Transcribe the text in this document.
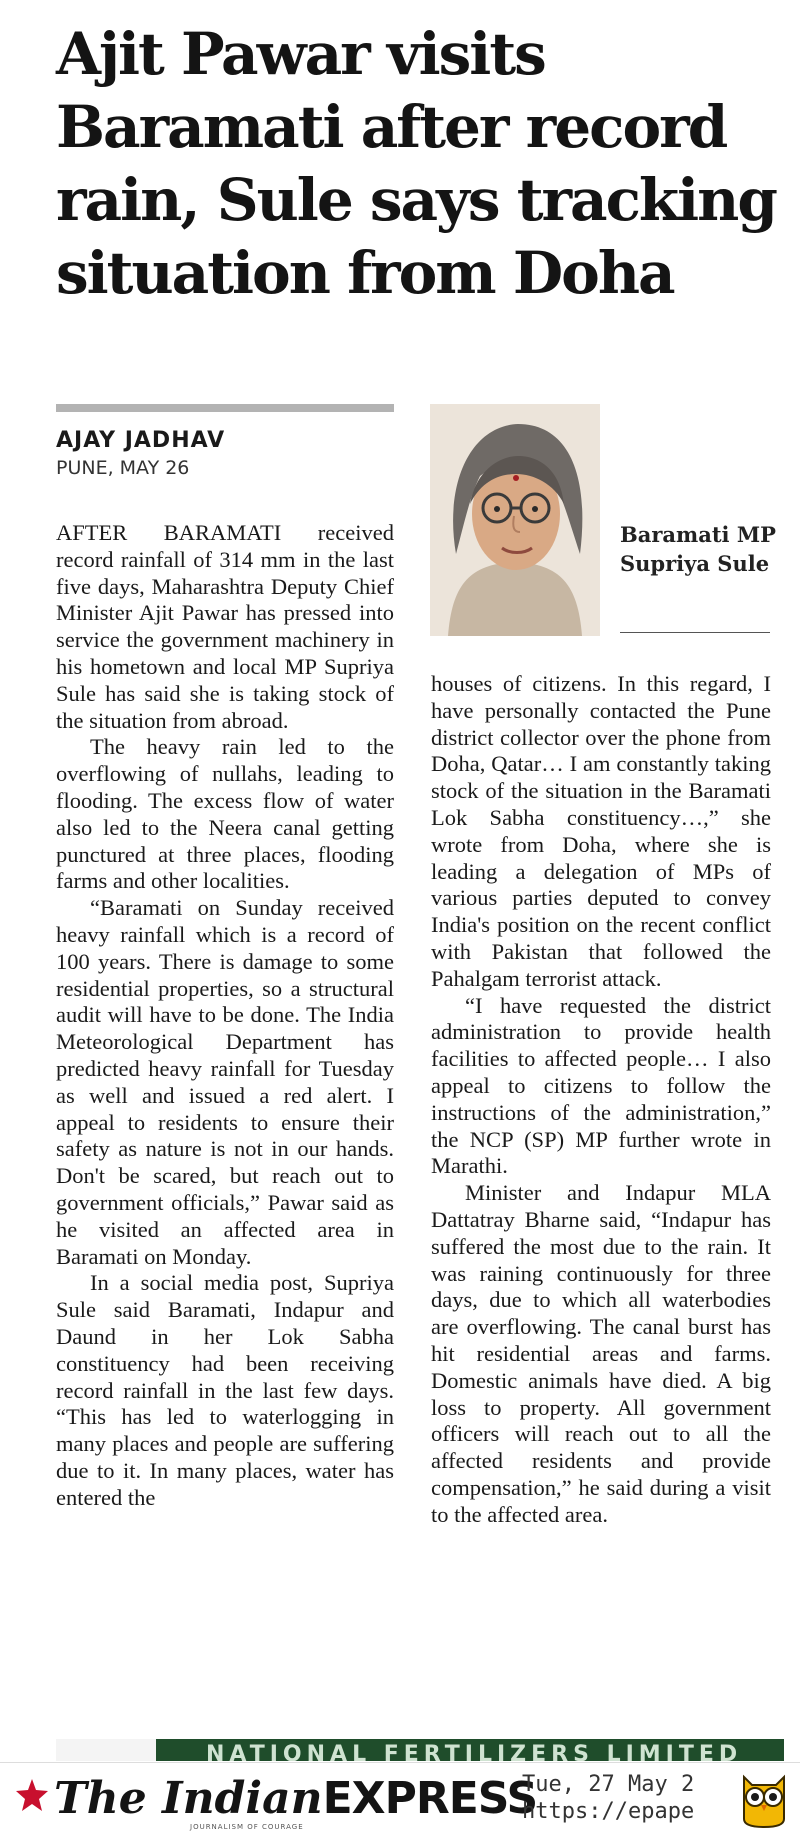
Ajit Pawar visits Baramati after record rain, Sule says tracking situation from Doha
AJAY JADHAV
PUNE, MAY 26
Baramati MP Supriya Sule

AFTER BARAMATI received record rainfall of 314 mm in the last five days, Maharashtra Deputy Chief Minister Ajit Pawar has pressed into service the government machinery in his hometown and local MP Supriya Sule has said she is taking stock of the situation from abroad.

The heavy rain led to the overflowing of nullahs, leading to flooding. The excess flow of water also led to the Neera canal getting punctured at three places, flooding farms and other localities.

“Baramati on Sunday received heavy rainfall which is a record of 100 years. There is damage to some residential properties, so a structural audit will have to be done. The India Meteorological Department has predicted heavy rainfall for Tuesday as well and issued a red alert. I appeal to residents to ensure their safety as nature is not in our hands. Don't be scared, but reach out to government officials,” Pawar said as he visited an affected area in Baramati on Monday.

In a social media post, Supriya Sule said Baramati, Indapur and Daund in her Lok Sabha constituency had been receiving record rainfall in the last few days. “This has led to waterlogging in many places and people are suffering due to it. In many places, water has entered the

houses of citizens. In this regard, I have personally contacted the Pune district collector over the phone from Doha, Qatar… I am constantly taking stock of the situation in the Baramati Lok Sabha constituency…,” she wrote from Doha, where she is leading a delegation of MPs of various parties deputed to convey India's position on the recent conflict with Pakistan that followed the Pahalgam terrorist attack.

“I have requested the district administration to provide health facilities to affected people… I also appeal to citizens to follow the instructions of the administration,” the NCP (SP) MP further wrote in Marathi.

Minister and Indapur MLA Dattatray Bharne said, “Indapur has suffered the most due to the rain. It was raining continuously for three days, due to which all waterbodies are overflowing. The canal burst has hit residential areas and farms. Domestic animals have died. A big loss to property. All government officers will reach out to all the affected residents and provide compensation,” he said during a visit to the affected area.

NATIONAL FERTILIZERS LIMITED
The IndianEXPRESS
JOURNALISM OF COURAGE
Tue, 27 May 2
https://epape
